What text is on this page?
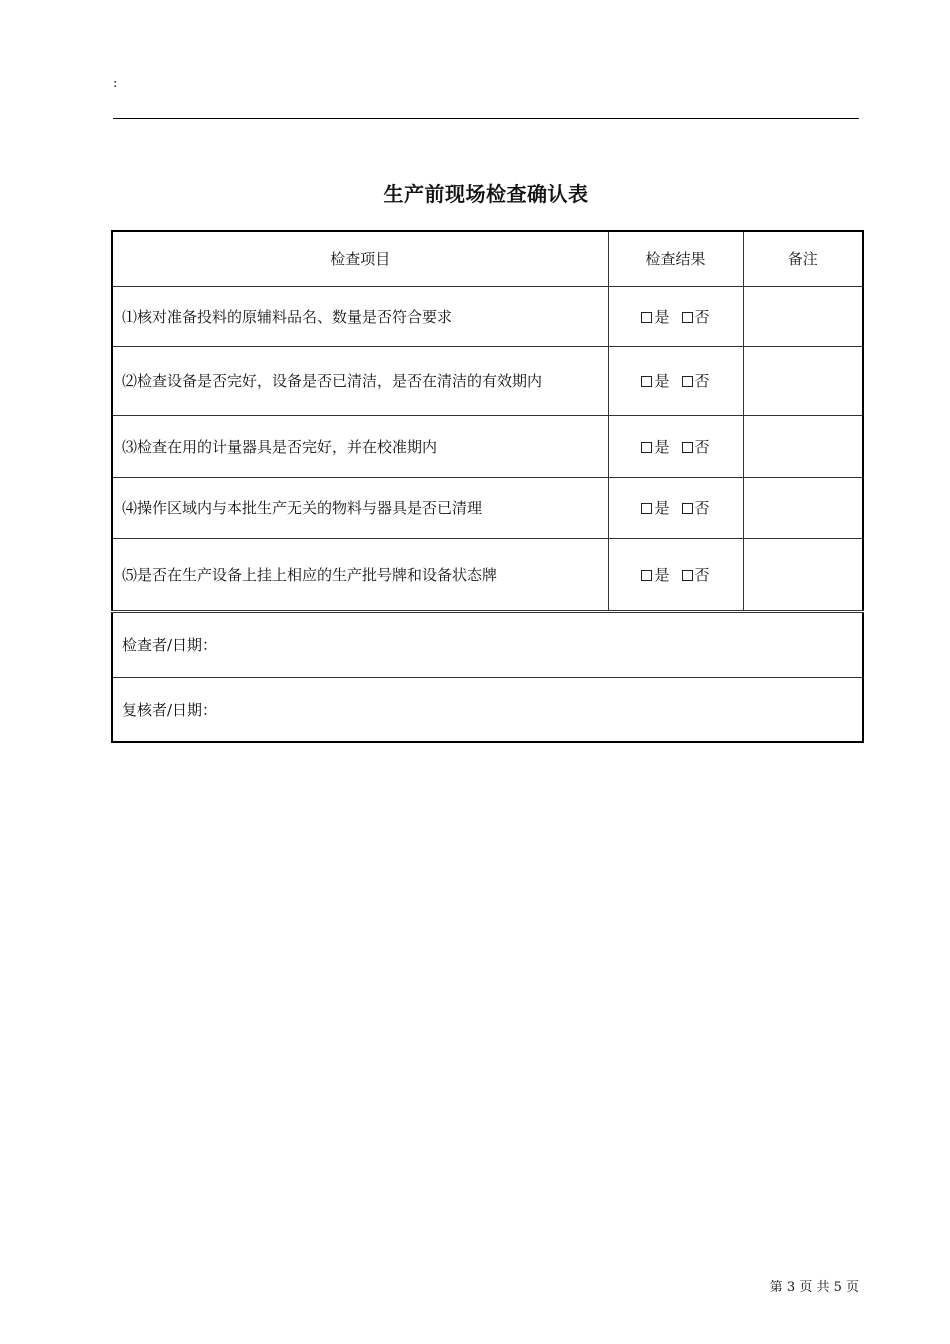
:
生产前现场检查确认表
检查项目	检查结果	备注
⑴核对准备投料的原辅料品名、数量是否符合要求	是 否	
⑵检查设备是否完好，设备是否已清洁，是否在清洁的有效期内	是 否	
⑶检查在用的计量器具是否完好，并在校准期内	是 否	
⑷操作区域内与本批生产无关的物料与器具是否已清理	是 否	
⑸是否在生产设备上挂上相应的生产批号牌和设备状态牌	是 否	
检查者/日期：		
复核者/日期：		
第 3 页 共 5 页
